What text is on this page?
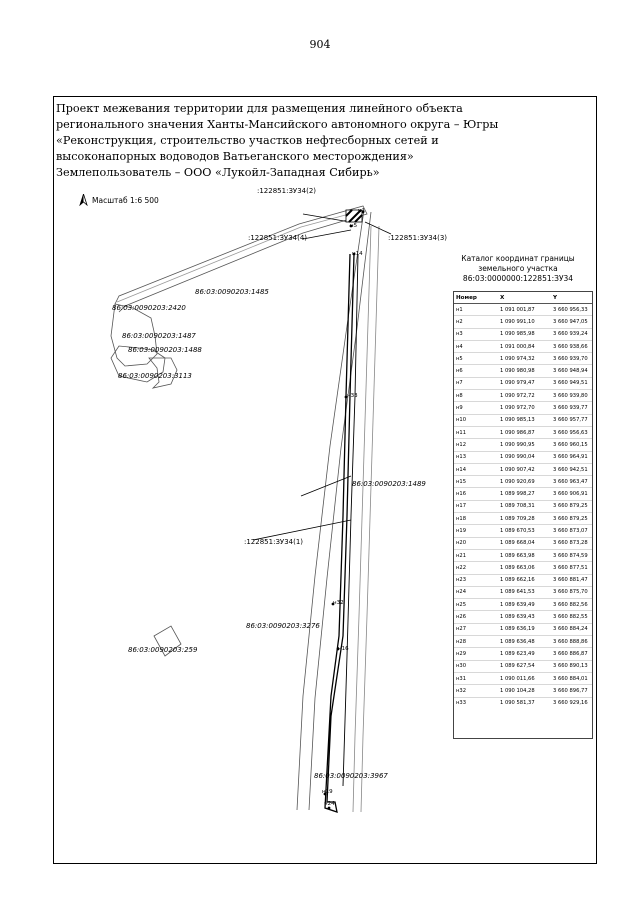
904
Проект межевания территории для размещения линейного объекта
регионального значения Ханты-Мансийского автономного округа – Югры
«Реконструкция, строительство участков нефтесборных сетей и
высоконапорных водоводов Ватьеганского месторождения»
Землепользователь – ООО «Лукойл-Западная Сибирь»
Масштаб 1:6 500
:122851:ЗУ34(2)
:122851:ЗУ34(4)	:122851:ЗУ34(3)
:122851:ЗУ34(1)
86:03:0090203:1485
86:03:0090203:2420
86:03:0090203:1487
86:03:0090203:1488
86:03:0090203:3113
86:03:0090203:1489
86:03:0090203:3276
86:03:0090203:259
86:03:0090203:3967
н1
н5
н14
н33
н32
н16
н19
н24
Каталог координат границы
земельного участка
86:03:0000000:122851:ЗУ34
Номер	X	Y
н1	1 091 001,87	3 660 956,33
н2	1 090 991,10	3 660 947,05
н3	1 090 985,98	3 660 939,24
н4	1 091 000,84	3 660 938,66
н5	1 090 974,32	3 660 939,70
н6	1 090 980,98	3 660 948,94
н7	1 090 979,47	3 660 949,51
н8	1 090 972,72	3 660 939,80
н9	1 090 972,70	3 660 939,77
н10	1 090 985,13	3 660 957,77
н11	1 090 986,87	3 660 956,63
н12	1 090 990,95	3 660 960,15
н13	1 090 990,04	3 660 964,91
н14	1 090 907,42	3 660 942,51
н15	1 090 920,69	3 660 963,47
н16	1 089 998,27	3 660 906,91
н17	1 089 708,31	3 660 879,25
н18	1 089 709,28	3 660 879,25
н19	1 089 670,53	3 660 873,07
н20	1 089 668,04	3 660 873,28
н21	1 089 663,98	3 660 874,59
н22	1 089 663,06	3 660 877,51
н23	1 089 662,16	3 660 881,47
н24	1 089 641,53	3 660 875,70
н25	1 089 639,49	3 660 882,56
н26	1 089 639,43	3 660 882,55
н27	1 089 636,19	3 660 884,24
н28	1 089 636,48	3 660 888,86
н29	1 089 623,49	3 660 886,87
н30	1 089 627,54	3 660 890,13
н31	1 090 011,66	3 660 884,01
н32	1 090 104,28	3 660 896,77
н33	1 090 581,37	3 660 929,16
